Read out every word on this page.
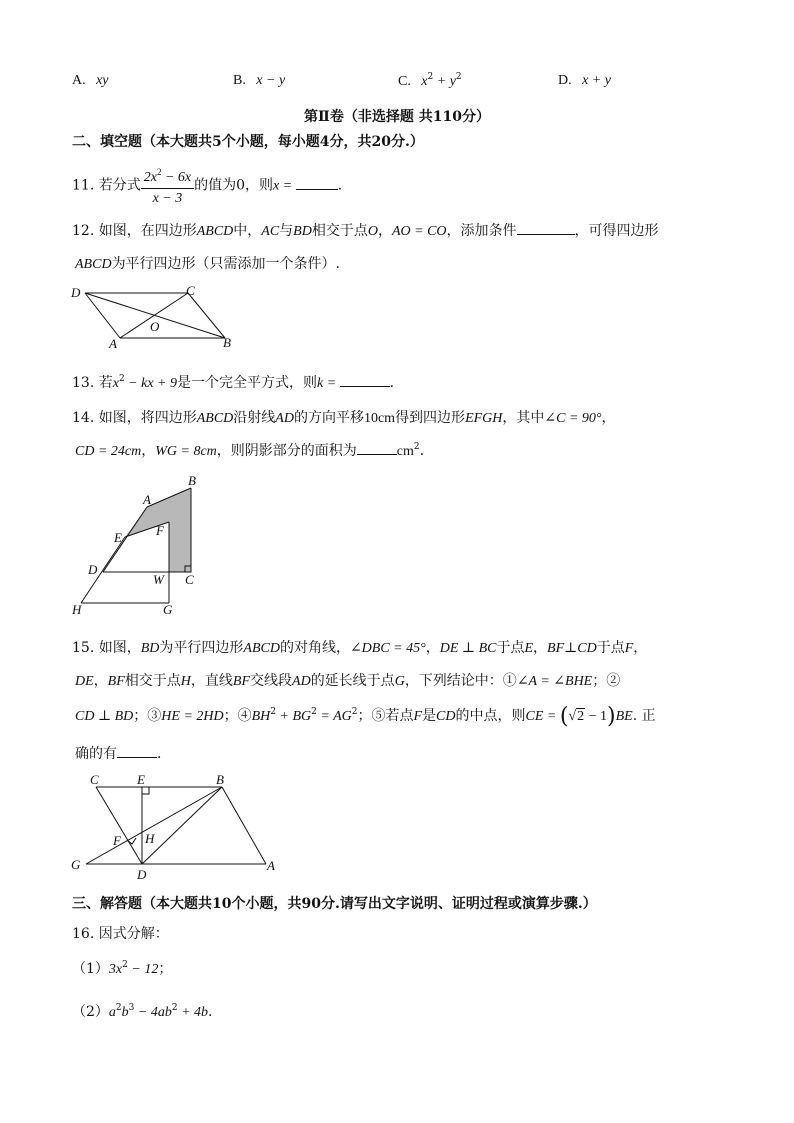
A. xy	B. x − y	C. $x^2 + y^2$	D. x + y
第Ⅱ卷（非选择题 共110分）
二、填空题（本大题共5个小题，每小题4分，共20分.）
11. 若分式 $\frac{2x^2 - 6x}{x - 3}$ 的值为0，则x =	.
12. 如图，在四边形ABCD中，AC与BD相交于点O，AO = CO，添加条件	，可得四边形
ABCD为平行四边形（只需添加一个条件）.
D	C
O
A	B
13. 若$x^2$ − kx + 9是一个完全平方式，则k =	.
14. 如图，将四边形ABCD沿射线AD的方向平移10cm得到四边形EFGH，其中∠C = 90°，
CD = 24cm，WG = 8cm，则阴影部分的面积为	$cm^2$.
A
B
E	F
D
W C
H	G
15. 如图，BD为平行四边形ABCD的对角线，∠DBC = 45°，DE ⊥ BC于点E，BF⊥CD于点F，
DE，BF相交于点H，直线BF交线段AD的延长线于点G，下列结论中：①∠A = ∠BHE；②
CD ⊥ BD；③HE = 2HD；$④BH^2 + BG^2 = AG^2$；⑤若点F是CD的中点，则CE = (√2 − 1)BE. 正
确的有	.
C	E	B
F H
G
D
A
三、解答题（本大题共10个小题，共90分.请写出文字说明、证明过程或演算步骤.）
16. 因式分解：
$(1)3x^2 - 12$；
$(2)a^2b^3 - 4ab^2 + 4b$.
